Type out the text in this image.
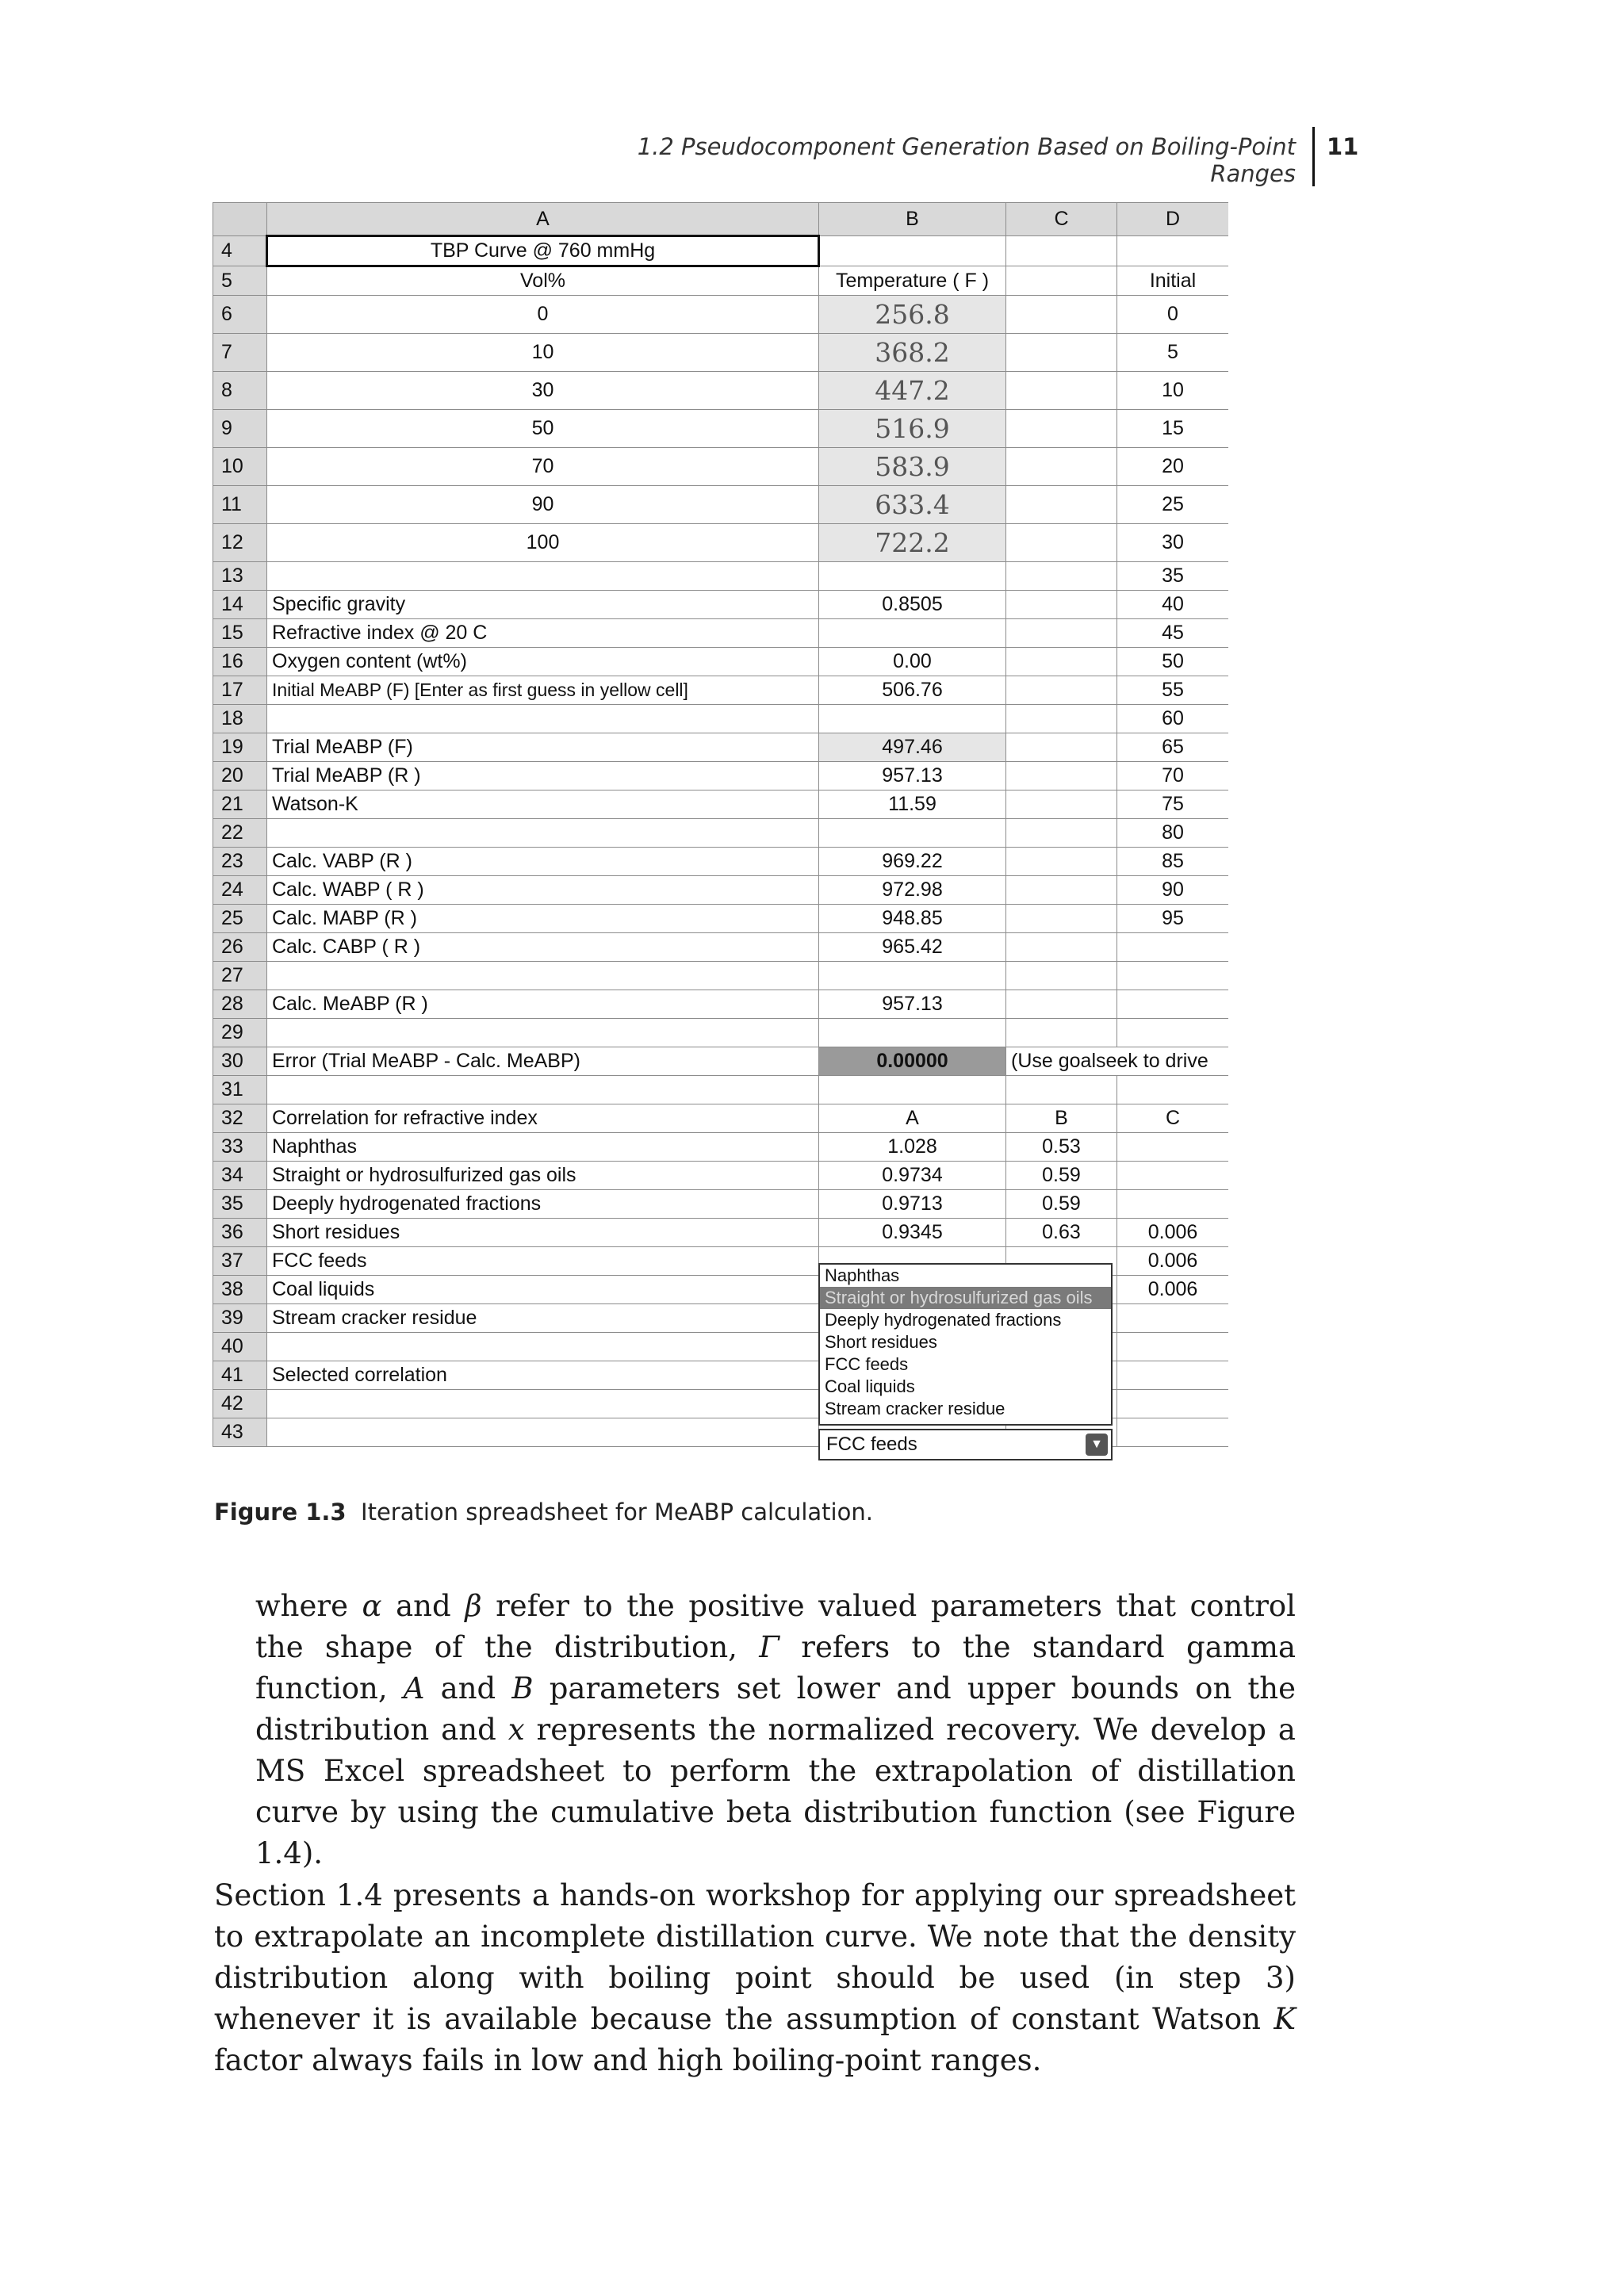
1.2 Pseudocomponent Generation Based on Boiling-Point Ranges
11
	A	B	C	D
4	TBP Curve @ 760 mmHg			
5	Vol%	Temperature ( F )		Initial
6	0	256.8		0
7	10	368.2		5
8	30	447.2		10
9	50	516.9		15
10	70	583.9		20
11	90	633.4		25
12	100	722.2		30
13				35
14	Specific gravity	0.8505		40
15	Refractive index @ 20 C			45
16	Oxygen content (wt%)	0.00		50
17	Initial MeABP (F) [Enter as first guess in yellow cell]	506.76		55
18				60
19	Trial MeABP (F)	497.46		65
20	Trial MeABP (R )	957.13		70
21	Watson-K	11.59		75
22				80
23	Calc. VABP (R )	969.22		85
24	Calc. WABP ( R )	972.98		90
25	Calc. MABP (R )	948.85		95
26	Calc. CABP ( R )	965.42		
27				
28	Calc. MeABP (R )	957.13		
29				
30	Error (Trial MeABP - Calc. MeABP)	0.00000	(Use goalseek to drive	
31				
32	Correlation for refractive index	A	B	C
33	Naphthas	1.028	0.53	
34	Straight or hydrosulfurized gas oils	0.9734	0.59	
35	Deeply hydrogenated fractions	0.9713	0.59	
36	Short residues	0.9345	0.63	0.006
37	FCC feeds			0.006
38	Coal liquids			0.006
39	Stream cracker residue			
40				
41	Selected correlation			
42				
43				
Naphthas
Straight or hydrosulfurized gas oils
Deeply hydrogenated fractions
Short residues
FCC feeds
Coal liquids
Stream cracker residue
FCC feeds	▼
Figure 1.3 Iteration spreadsheet for MeABP calculation.
where α and β refer to the positive valued parameters that control the shape of the distribution, Γ refers to the standard gamma function, A and B parameters set lower and upper bounds on the distribution and x represents the normalized recovery. We develop a MS Excel spreadsheet to perform the extrapolation of distillation curve by using the cumulative beta distribution function (see Figure 1.4).
Section 1.4 presents a hands-on workshop for applying our spreadsheet to extrapolate an incomplete distillation curve. We note that the density distribution along with boiling point should be used (in step 3) whenever it is available because the assumption of constant Watson K factor always fails in low and high boiling-point ranges.
